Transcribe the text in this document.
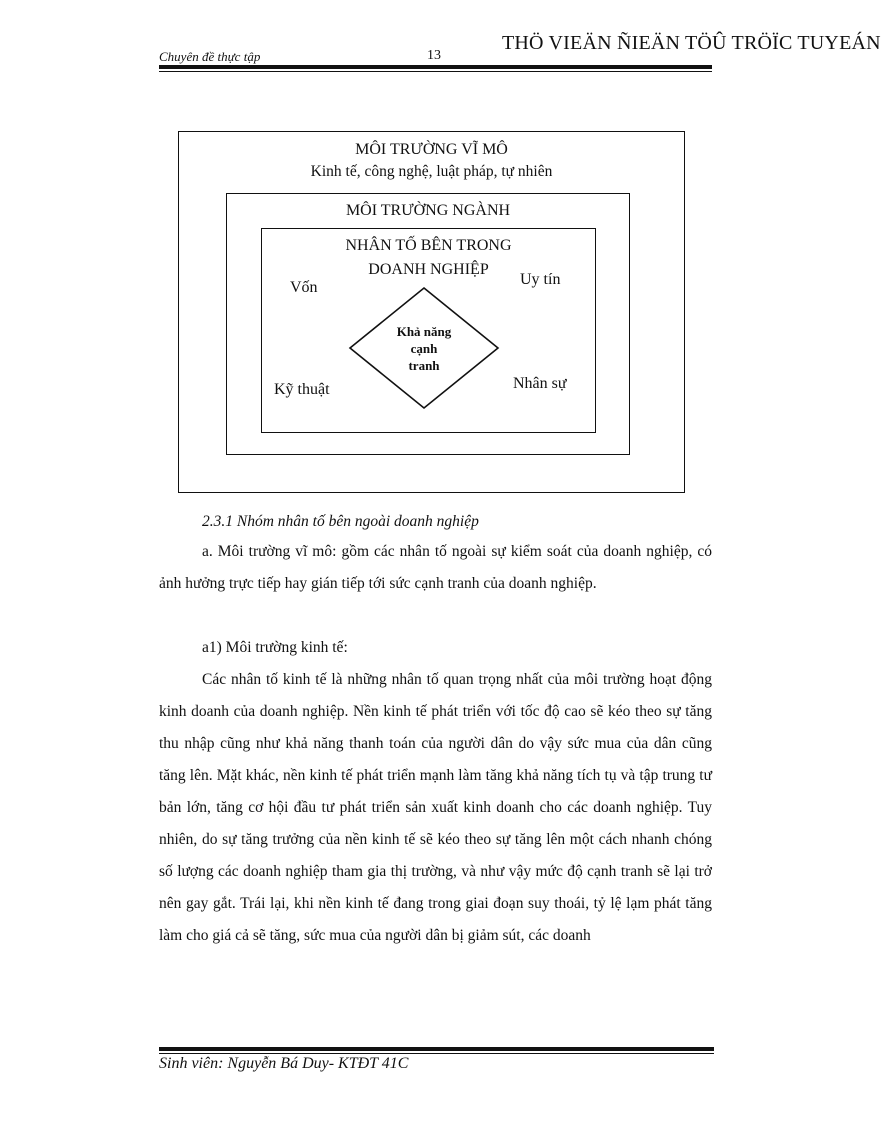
Chuyên đề thực tập	13
THÖ VIEÄN ÑIEÄN TÖÛ TRÖÏC TUYEÁN
MÔI TRƯỜNG VĨ MÔ
Kinh tế, công nghệ, luật pháp, tự nhiên
MÔI TRƯỜNG NGÀNH
NHÂN TỐ BÊN TRONG
DOANH NGHIỆP
Vốn	Uy tín
Kỹ thuật	Nhân sự
Khả năng
cạnh
tranh
2.3.1 Nhóm nhân tố bên ngoài doanh nghiệp

a. Môi trường vĩ mô: gồm các nhân tố ngoài sự kiểm soát của doanh nghiệp, có ảnh hưởng trực tiếp hay gián tiếp tới sức cạnh tranh của doanh nghiệp.

a1) Môi trường kinh tế:

Các nhân tố kinh tế là những nhân tố quan trọng nhất của môi trường hoạt động kinh doanh của doanh nghiệp. Nền kinh tế phát triển với tốc độ cao sẽ kéo theo sự tăng thu nhập cũng như khả năng thanh toán của người dân do vậy sức mua của dân cũng tăng lên. Mặt khác, nền kinh tế phát triển mạnh làm tăng khả năng tích tụ và tập trung tư bản lớn, tăng cơ hội đầu tư phát triển sản xuất kinh doanh cho các doanh nghiệp. Tuy nhiên, do sự tăng trưởng của nền kinh tế sẽ kéo theo sự tăng lên một cách nhanh chóng số lượng các doanh nghiệp tham gia thị trường, và như vậy mức độ cạnh tranh sẽ lại trở nên gay gắt. Trái lại, khi nền kinh tế đang trong giai đoạn suy thoái, tỷ lệ lạm phát tăng làm cho giá cả sẽ tăng, sức mua của người dân bị giảm sút, các doanh

Sinh viên: Nguyễn Bá Duy- KTĐT 41C
